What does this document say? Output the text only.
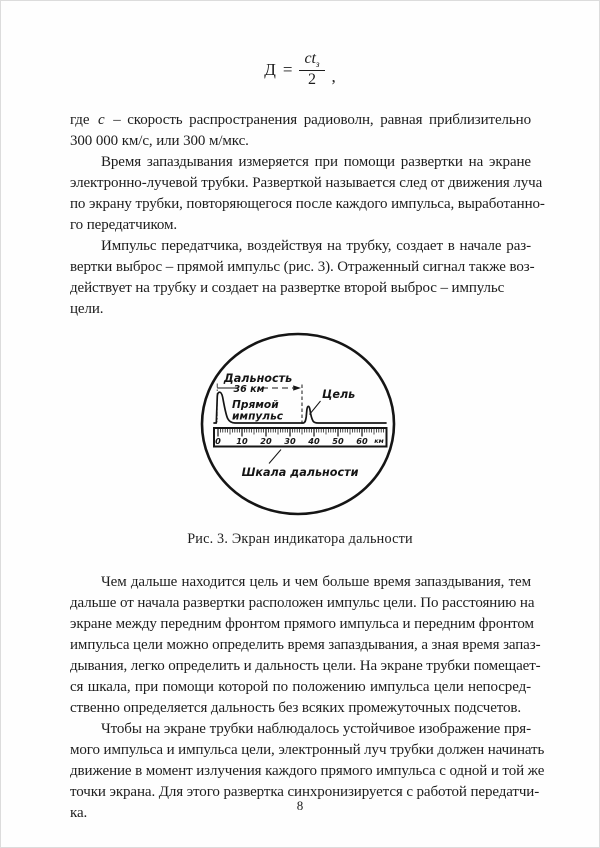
$Д = \frac{ct_з}{2}$ ,
где с – скорость распространения радиоволн, равная приблизительно
300 000 км/с, или 300 м/мкс.
Время запаздывания измеряется при помощи развертки на экране
электронно-лучевой трубки. Разверткой называется след от движения луча
по экрану трубки, повторяющегося после каждого импульса, выработанно-
го передатчиком.
Импульс передатчика, воздействуя на трубку, создает в начале раз-
вертки выброс – прямой импульс (рис. 3). Отраженный сигнал также воз-
действует на трубку и создает на развертке второй выброс – импульс цели.
Дальность
36 км
Прямой
импульс
Цель
0 10 20 30 40 50 60 км
Шкала дальности
Рис. 3. Экран индикатора дальности
Чем дальше находится цель и чем больше время запаздывания, тем
дальше от начала развертки расположен импульс цели. По расстоянию на
экране между передним фронтом прямого импульса и передним фронтом
импульса цели можно определить время запаздывания, а зная время запаз-
дывания, легко определить и дальность цели. На экране трубки помещает-
ся шкала, при помощи которой по положению импульса цели непосред-
ственно определяется дальность без всяких промежуточных подсчетов.
Чтобы на экране трубки наблюдалось устойчивое изображение пря-
мого импульса и импульса цели, электронный луч трубки должен начинать
движение в момент излучения каждого прямого импульса с одной и той же
точки экрана. Для этого развертка синхронизируется с работой передатчи-
ка.	8
